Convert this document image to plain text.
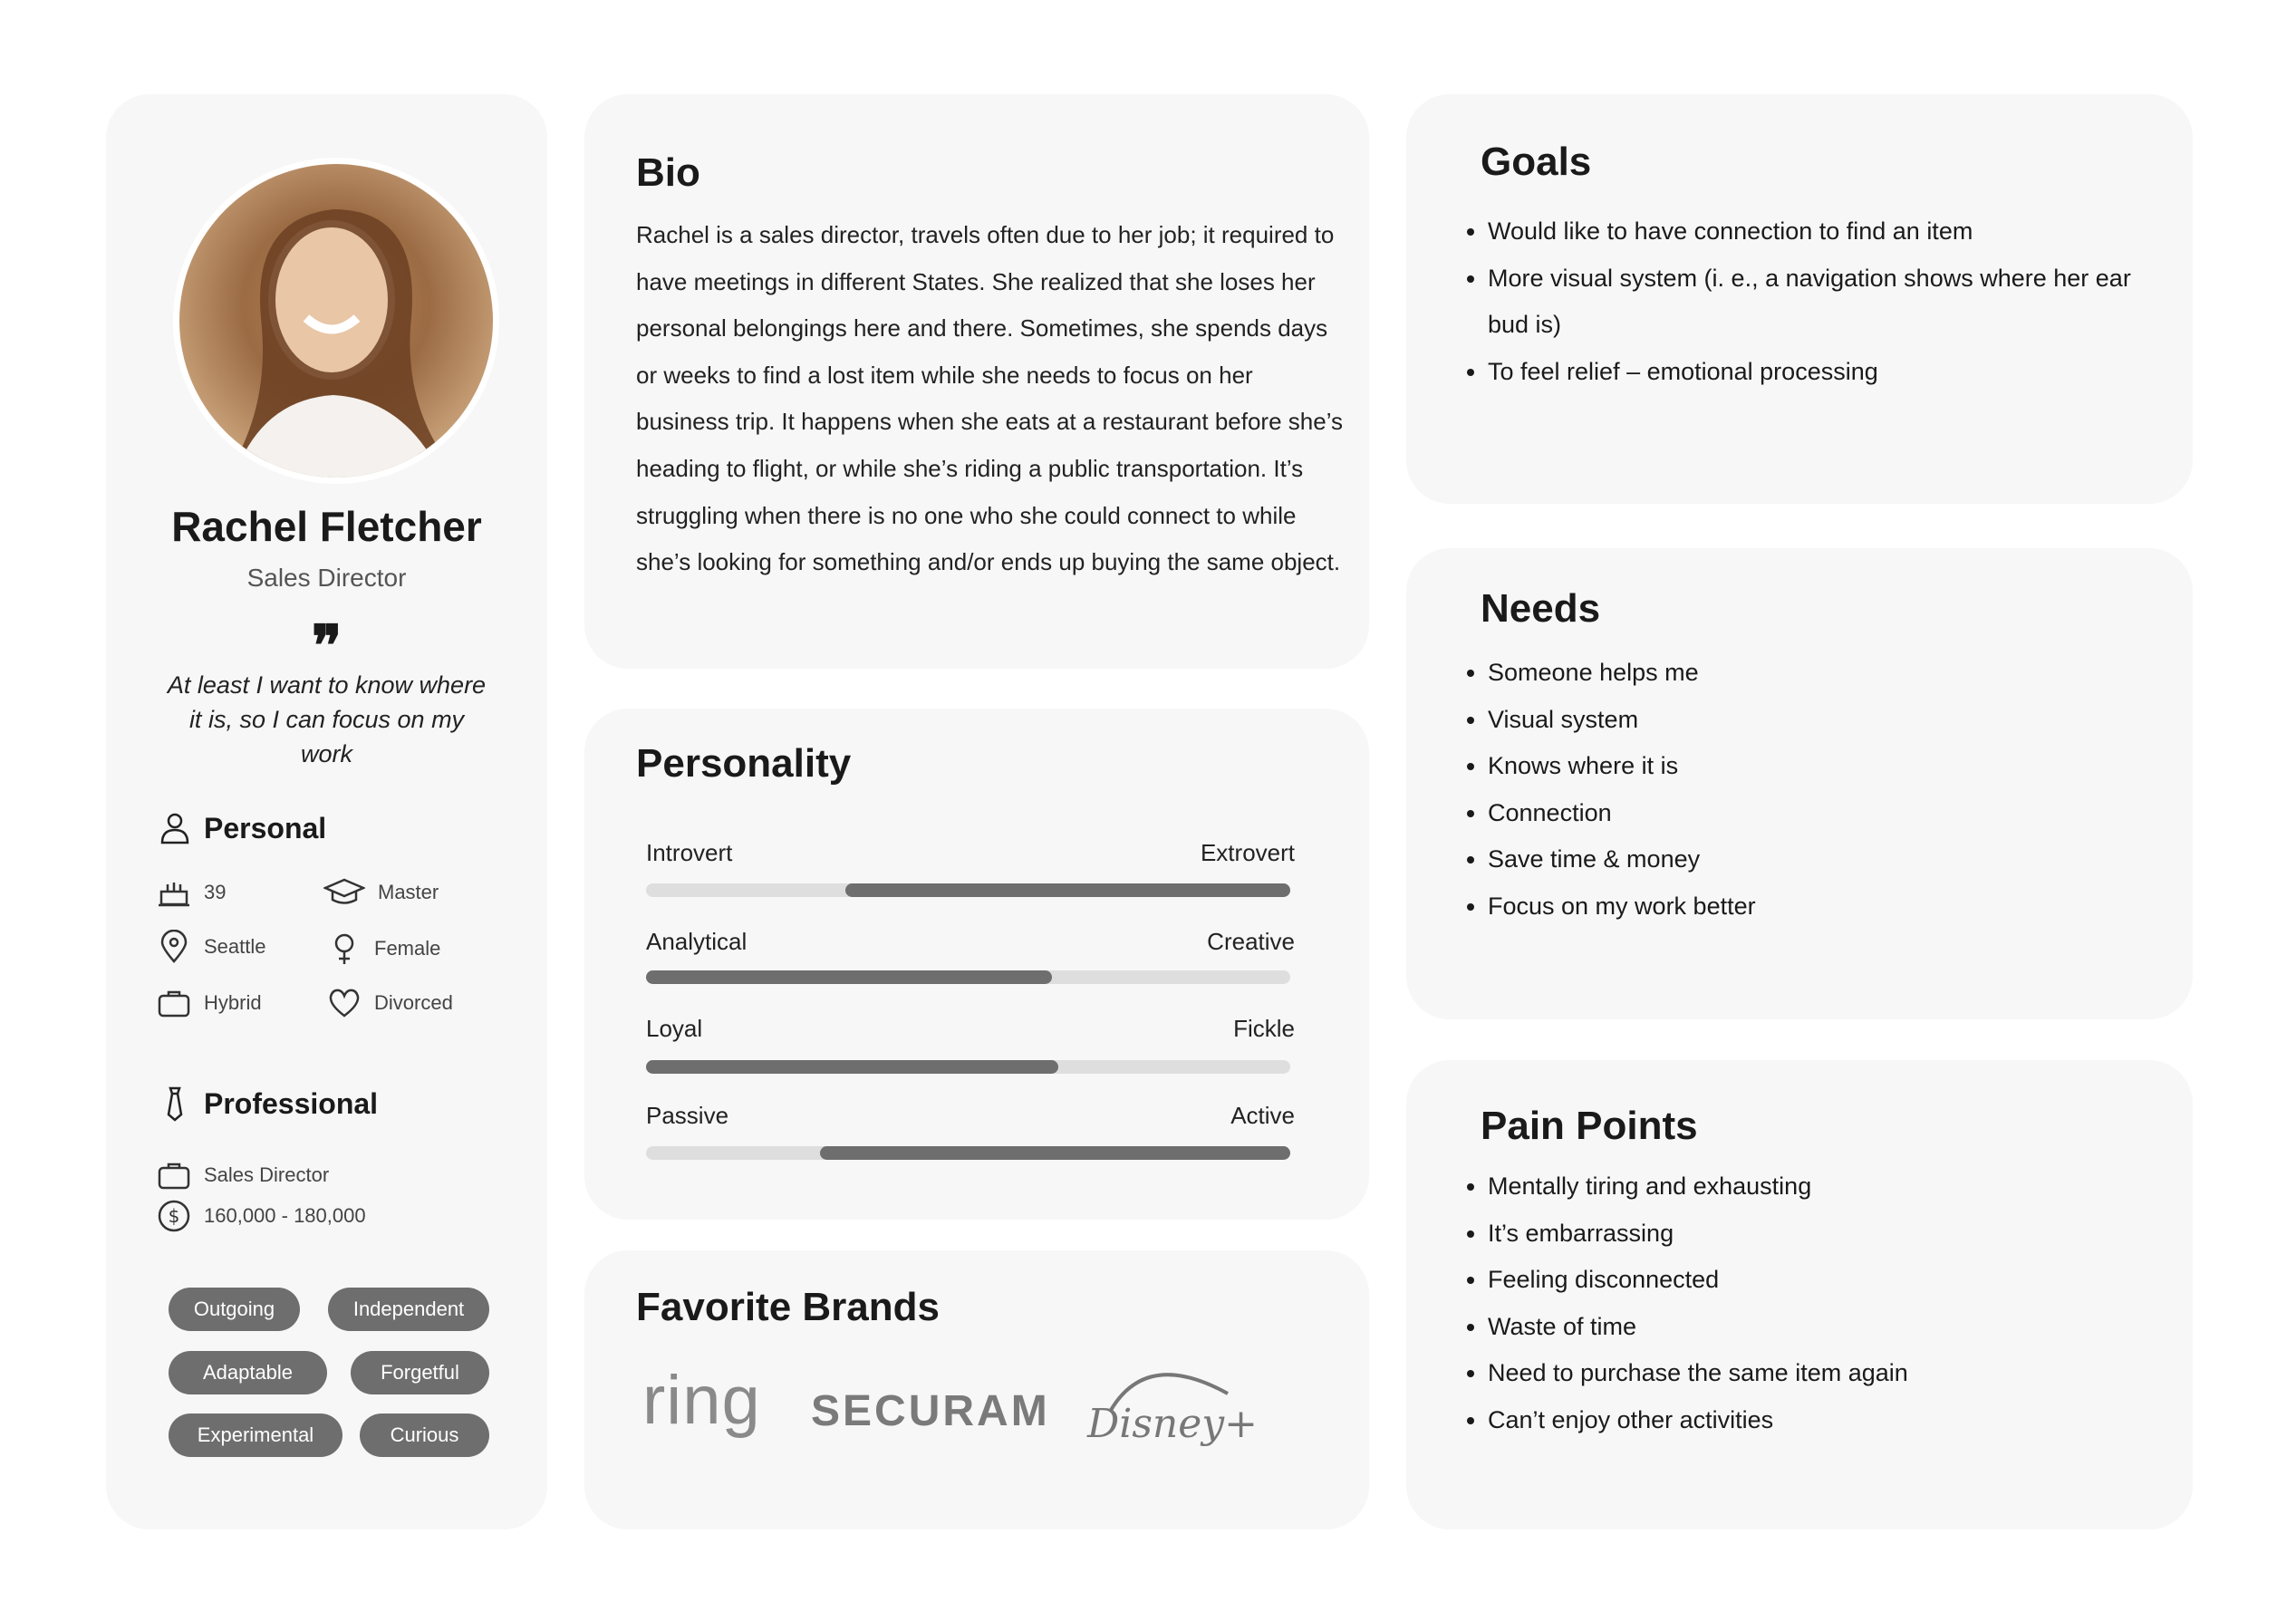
Rachel Fletcher
Sales Director
❞
At least I want to know where it is, so I can focus on my work
Personal
39	Master
Seattle	Female
Hybrid	Divorced
Professional
Sales Director
$ 160,000 - 180,000
Outgoing	Independent
Adaptable	Forgetful
Experimental	Curious
Bio
Rachel is a sales director, travels often due to her job; it required to have meetings in different States. She realized that she loses her personal belongings here and there. Sometimes, she spends days or weeks to find a lost item while she needs to focus on her business trip. It happens when she eats at a restaurant before she’s heading to flight, or while she’s riding a public transportation. It’s struggling when there is no one who she could connect to while she’s looking for something and/or ends up buying the same object.
Personality
Introvert	Extrovert
Analytical	Creative
Loyal	Fickle
Passive	Active
Favorite Brands
ring SECURAM Disney+
Goals
• Would like to have connection to find an item
• More visual system (i. e., a navigation shows where her ear bud is)
• To feel relief – emotional processing
Needs
• Someone helps me
• Visual system
• Knows where it is
• Connection
• Save time & money
• Focus on my work better
Pain Points
• Mentally tiring and exhausting
• It’s embarrassing
• Feeling disconnected
• Waste of time
• Need to purchase the same item again
• Can’t enjoy other activities
